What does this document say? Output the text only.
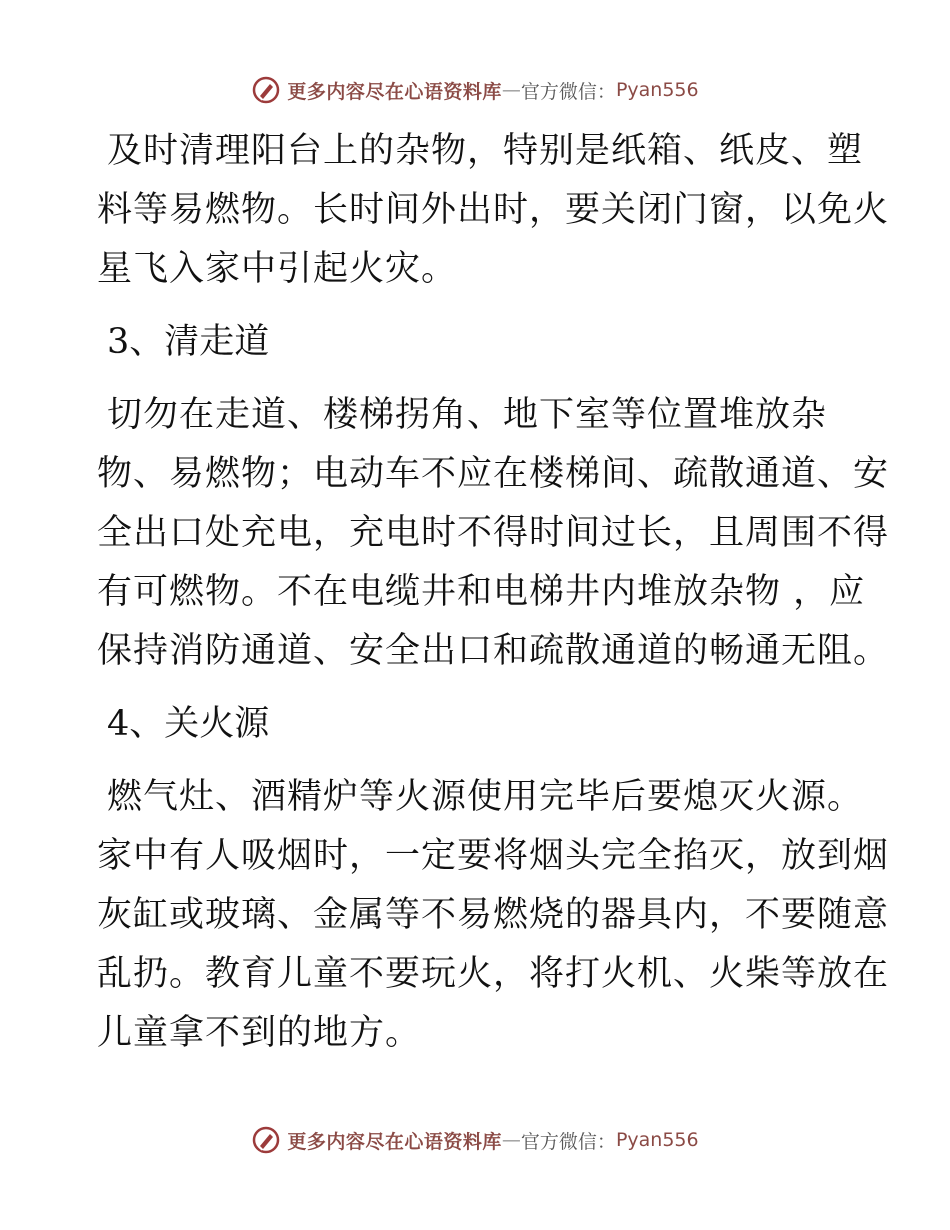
更多内容尽在心语资料库 — 官方微信： Pyan556
及时清理阳台上的杂物，特别是纸箱、纸皮、塑
料等易燃物。长时间外出时，要关闭门窗，以免火
星飞入家中引起火灾。
3、清走道
切勿在走道、楼梯拐角、地下室等位置堆放杂
物、易燃物；电动车不应在楼梯间、疏散通道、安
全出口处充电，充电时不得时间过长，且周围不得
有可燃物。不在电缆井和电梯井内堆放杂物 ，应
保持消防通道、安全出口和疏散通道的畅通无阻。
4、关火源
燃气灶、酒精炉等火源使用完毕后要熄灭火源。
家中有人吸烟时，一定要将烟头完全掐灭，放到烟
灰缸或玻璃、金属等不易燃烧的器具内，不要随意
乱扔。教育儿童不要玩火，将打火机、火柴等放在
儿童拿不到的地方。
更多内容尽在心语资料库 — 官方微信： Pyan556
